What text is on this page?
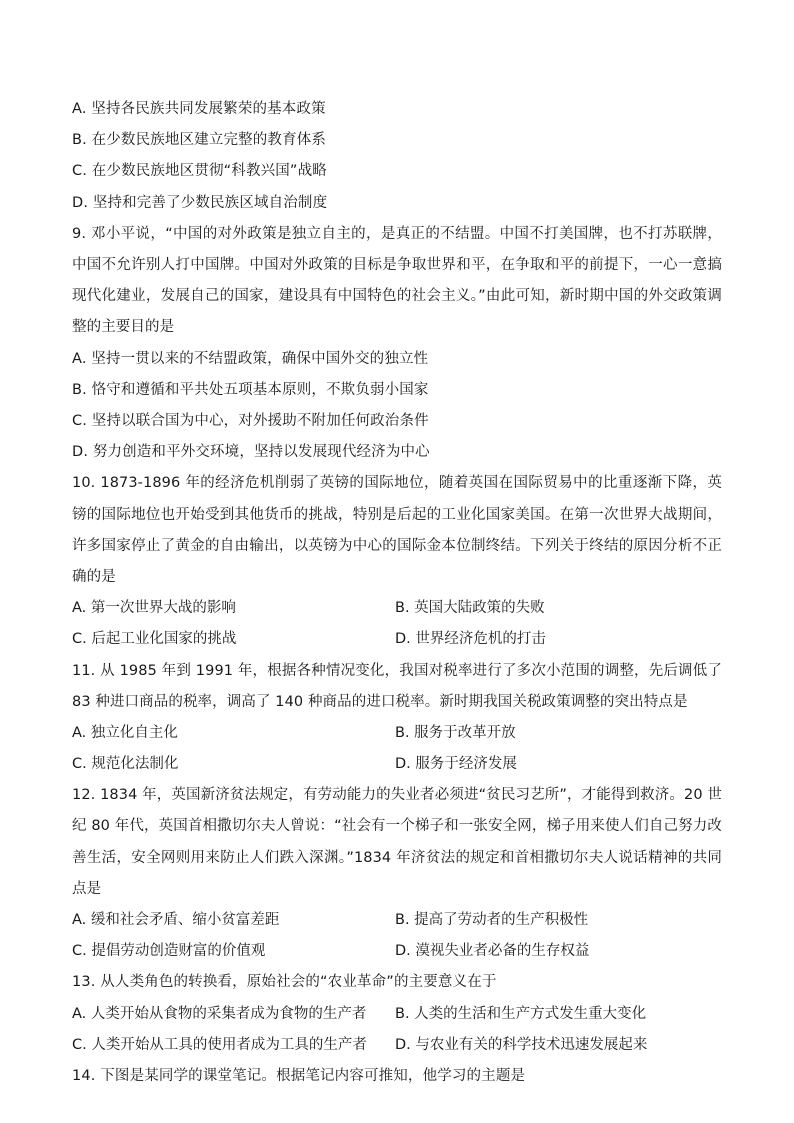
A. 坚持各民族共同发展繁荣的基本政策
B. 在少数民族地区建立完整的教育体系
C. 在少数民族地区贯彻“科教兴国”战略
D. 坚持和完善了少数民族区域自治制度
9. 邓小平说，“中国的对外政策是独立自主的，是真正的不结盟。中国不打美国牌，也不打苏联牌，中国不允许别人打中国牌。中国对外政策的目标是争取世界和平，在争取和平的前提下，一心一意搞现代化建业，发展自己的国家，建设具有中国特色的社会主义。”由此可知，新时期中国的外交政策调整的主要目的是
A. 坚持一贯以来的不结盟政策，确保中国外交的独立性
B. 恪守和遵循和平共处五项基本原则，不欺负弱小国家
C. 坚持以联合国为中心，对外援助不附加任何政治条件
D. 努力创造和平外交环境，坚持以发展现代经济为中心
10. 1873-1896 年的经济危机削弱了英镑的国际地位，随着英国在国际贸易中的比重逐渐下降，英镑的国际地位也开始受到其他货币的挑战，特别是后起的工业化国家美国。在第一次世界大战期间，许多国家停止了黄金的自由输出，以英镑为中心的国际金本位制终结。下列关于终结的原因分析不正确的是
A. 第一次世界大战的影响	B. 英国大陆政策的失败
C. 后起工业化国家的挑战	D. 世界经济危机的打击
11. 从 1985 年到 1991 年，根据各种情况变化，我国对税率进行了多次小范围的调整，先后调低了 83 种进口商品的税率，调高了 140 种商品的进口税率。新时期我国关税政策调整的突出特点是
A. 独立化自主化	B. 服务于改革开放
C. 规范化法制化	D. 服务于经济发展
12. 1834 年，英国新济贫法规定，有劳动能力的失业者必须进“贫民习艺所”，才能得到救济。20 世纪 80 年代，英国首相撒切尔夫人曾说：“社会有一个梯子和一张安全网，梯子用来使人们自己努力改善生活，安全网则用来防止人们跌入深渊。”1834 年济贫法的规定和首相撒切尔夫人说话精神的共同点是
A. 缓和社会矛盾、缩小贫富差距	B. 提高了劳动者的生产积极性
C. 提倡劳动创造财富的价值观	D. 漠视失业者必备的生存权益
13. 从人类角色的转换看，原始社会的“农业革命”的主要意义在于
A. 人类开始从食物的采集者成为食物的生产者	B. 人类的生活和生产方式发生重大变化
C. 人类开始从工具的使用者成为工具的生产者	D. 与农业有关的科学技术迅速发展起来
14. 下图是某同学的课堂笔记。根据笔记内容可推知，他学习的主题是
